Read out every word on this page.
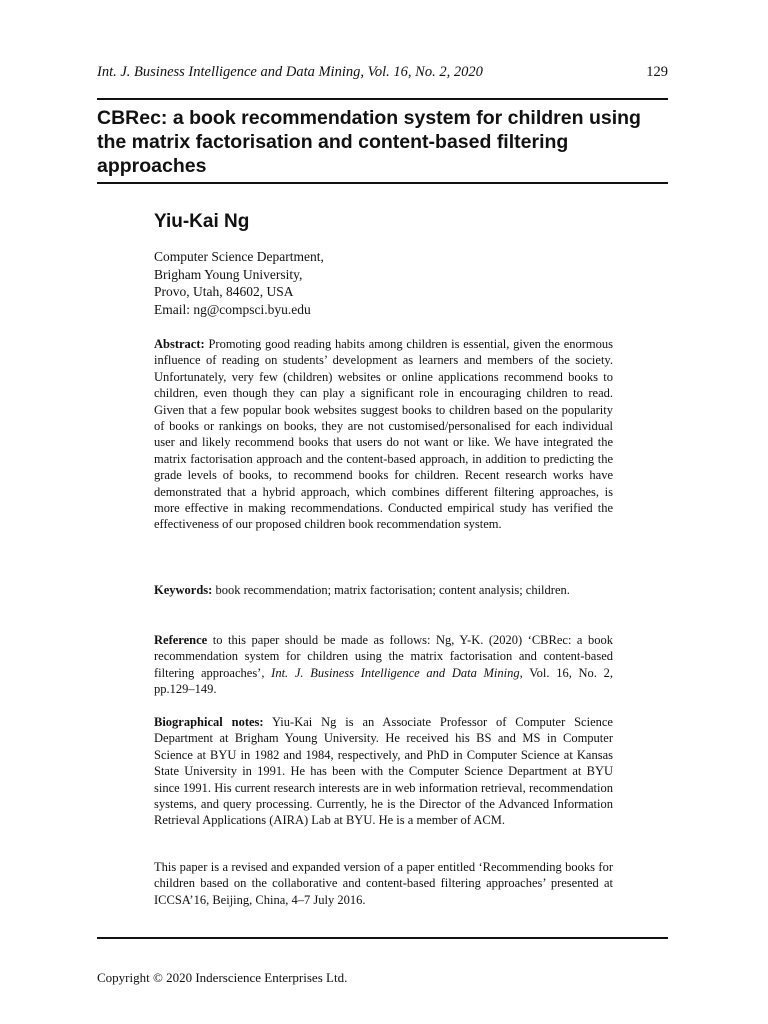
Int. J. Business Intelligence and Data Mining, Vol. 16, No. 2, 2020	129
CBRec: a book recommendation system for children using the matrix factorisation and content-based filtering approaches
Yiu-Kai Ng
Computer Science Department,
Brigham Young University,
Provo, Utah, 84602, USA
Email: ng@compsci.byu.edu

Abstract: Promoting good reading habits among children is essential, given the enormous influence of reading on students’ development as learners and members of the society. Unfortunately, very few (children) websites or online applications recommend books to children, even though they can play a significant role in encouraging children to read. Given that a few popular book websites suggest books to children based on the popularity of books or rankings on books, they are not customised/personalised for each individual user and likely recommend books that users do not want or like. We have integrated the matrix factorisation approach and the content-based approach, in addition to predicting the grade levels of books, to recommend books for children. Recent research works have demonstrated that a hybrid approach, which combines different filtering approaches, is more effective in making recommendations. Conducted empirical study has verified the effectiveness of our proposed children book recommendation system.

Keywords: book recommendation; matrix factorisation; content analysis; children.

Reference to this paper should be made as follows: Ng, Y-K. (2020) ‘CBRec: a book recommendation system for children using the matrix factorisation and content-based filtering approaches’, Int. J. Business Intelligence and Data Mining, Vol. 16, No. 2, pp.129–149.

Biographical notes: Yiu-Kai Ng is an Associate Professor of Computer Science Department at Brigham Young University. He received his BS and MS in Computer Science at BYU in 1982 and 1984, respectively, and PhD in Computer Science at Kansas State University in 1991. He has been with the Computer Science Department at BYU since 1991. His current research interests are in web information retrieval, recommendation systems, and query processing. Currently, he is the Director of the Advanced Information Retrieval Applications (AIRA) Lab at BYU. He is a member of ACM.

This paper is a revised and expanded version of a paper entitled ‘Recommending books for children based on the collaborative and content-based filtering approaches’ presented at ICCSA’16, Beijing, China, 4–7 July 2016.

Copyright © 2020 Inderscience Enterprises Ltd.
